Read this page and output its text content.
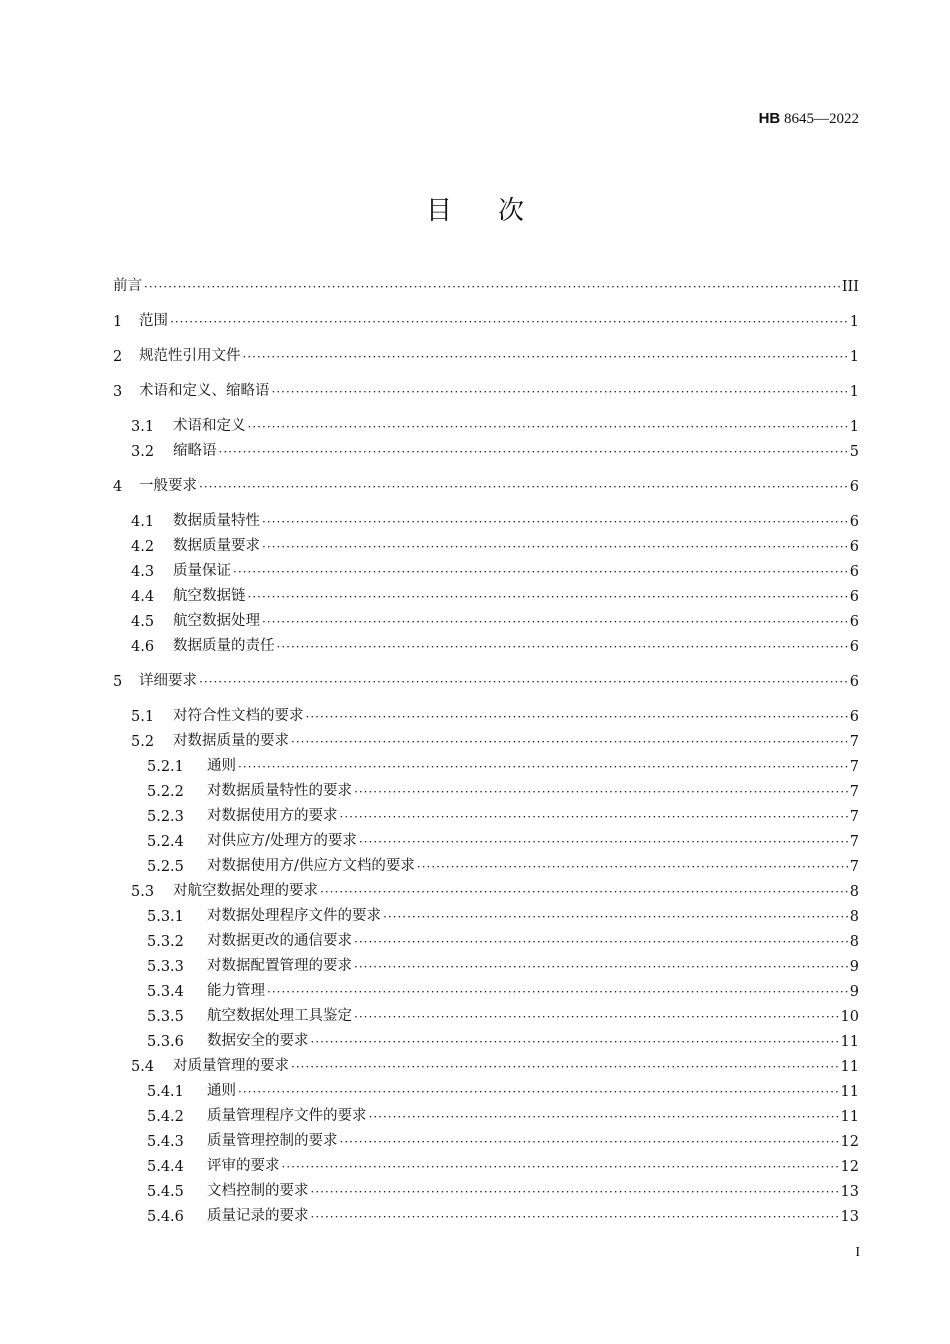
HB 8645—2022
目次
前言 ·····	III
1	范围 ·····	1
2	规范性引用文件 ·····	1
3	术语和定义、缩略语 ·····	1
3.1	术语和定义 ·····	1
3.2	缩略语 ·····	5
4	一般要求 ·····	6
4.1	数据质量特性 ·····	6
4.2	数据质量要求 ·····	6
4.3	质量保证 ·····	6
4.4	航空数据链 ·····	6
4.5	航空数据处理 ·····	6
4.6	数据质量的责任 ·····	6
5	详细要求 ·····	6
5.1	对符合性文档的要求 ·····	6
5.2	对数据质量的要求 ·····	7
5.2.1	通则 ·····	7
5.2.2	对数据质量特性的要求 ·····	7
5.2.3	对数据使用方的要求 ·····	7
5.2.4	对供应方/处理方的要求 ·····	7
5.2.5	对数据使用方/供应方文档的要求 ·····	7
5.3	对航空数据处理的要求 ·····	8
5.3.1	对数据处理程序文件的要求 ·····	8
5.3.2	对数据更改的通信要求 ·····	8
5.3.3	对数据配置管理的要求 ·····	9
5.3.4	能力管理 ·····	9
5.3.5	航空数据处理工具鉴定 ·····	10
5.3.6	数据安全的要求 ·····	11
5.4	对质量管理的要求 ·····	11
5.4.1	通则 ·····	11
5.4.2	质量管理程序文件的要求 ·····	11
5.4.3	质量管理控制的要求 ·····	12
5.4.4	评审的要求 ·····	12
5.4.5	文档控制的要求 ·····	13
5.4.6	质量记录的要求 ·····	13
I
